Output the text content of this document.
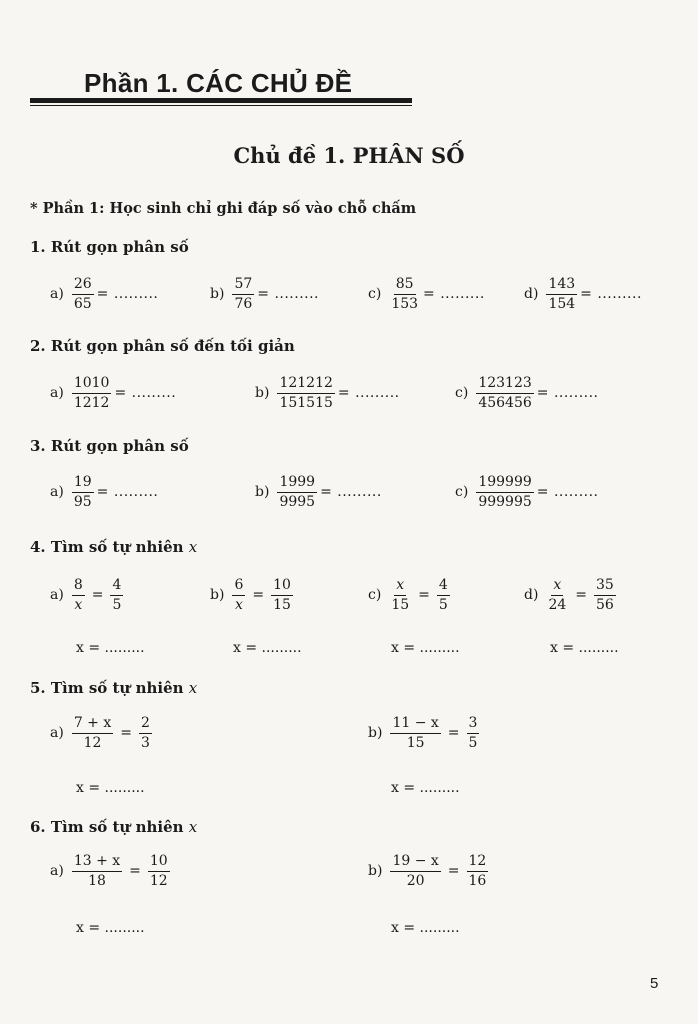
Phần 1. CÁC CHỦ ĐỀ
Chủ đề 1. PHÂN SỐ
* Phần 1: Học sinh chỉ ghi đáp số vào chỗ chấm
1. Rút gọn phân số
$a) \frac{26}{65}$ = .........	$b) \frac{57}{76}$ = .........	$c) \frac{85}{153}$ = .........	$d) \frac{143}{154}$ = .........
2. Rút gọn phân số đến tối giản
$a) \frac{1010}{1212}$ = .........	$b) \frac{121212}{151515}$ = .........	$c) \frac{123123}{456456}$ = .........
3. Rút gọn phân số
$a) \frac{19}{95}$ = .........	$b) \frac{1999}{9995}$ = .........	$c) \frac{199999}{999995}$ = .........
4. Tìm số tự nhiên x
$a) \frac{8}{x} = \frac{4}{5}$	$b) \frac{6}{x} = \frac{10}{15}$	$c) \frac{x}{15} = \frac{4}{5}$	$d) \frac{x}{24} = \frac{35}{56}$
x = .........	x = .........	x = .........	x = .........
5. Tìm số tự nhiên x
$a) \frac{7 + x}{12} = \frac{2}{3}$	$b) \frac{11 - x}{15} = \frac{3}{5}$
x = .........	x = .........
6. Tìm số tự nhiên x
$a) \frac{13 + x}{18} = \frac{10}{12}$	$b) \frac{19 - x}{20} = \frac{12}{16}$
x = .........	x = .........
5
